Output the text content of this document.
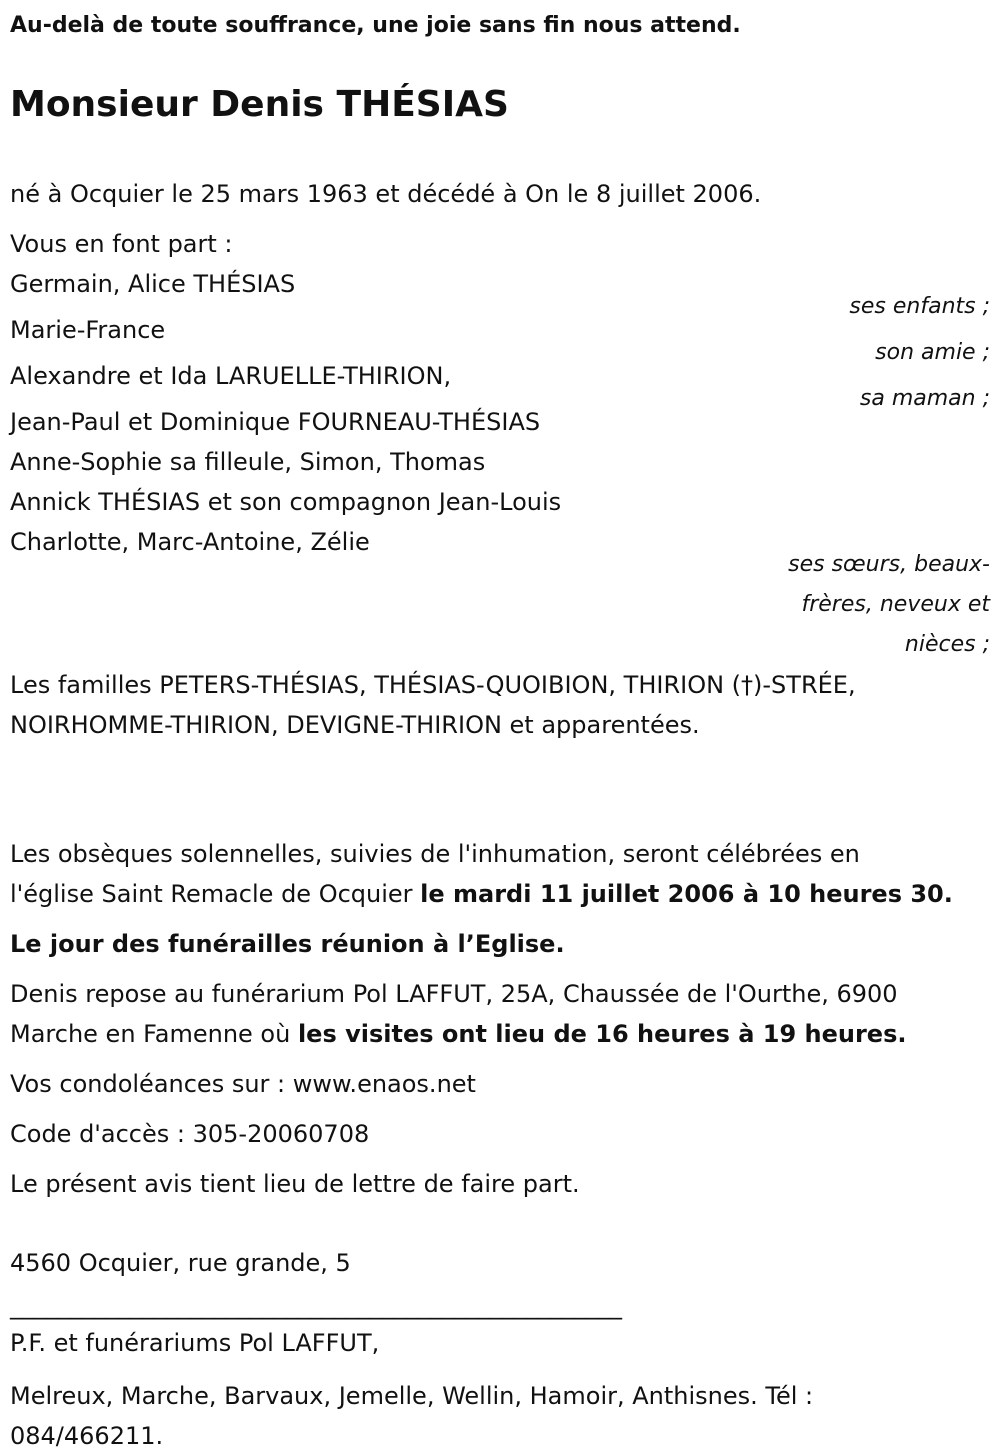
Au-delà de toute souffrance, une joie sans fin nous attend.

Monsieur Denis THÉSIAS
né à Ocquier le 25 mars 1963 et décédé à On le 8 juillet 2006.
Vous en font part :
Germain, Alice THÉSIAS
ses enfants ;
Marie-France
son amie ;
Alexandre et Ida LARUELLE-THIRION,
sa maman ;
Jean-Paul et Dominique FOURNEAU-THÉSIAS
Anne-Sophie sa filleule, Simon, Thomas
Annick THÉSIAS et son compagnon Jean-Louis
Charlotte, Marc-Antoine, Zélie
ses sœurs, beaux-frères, neveux et nièces ;
Les familles PETERS-THÉSIAS, THÉSIAS-QUOIBION, THIRION (†)-STRÉE,
NOIRHOMME-THIRION, DEVIGNE-THIRION et apparentées.
Les obsèques solennelles, suivies de l'inhumation, seront célébrées en
l'église Saint Remacle de Ocquier le mardi 11 juillet 2006 à 10 heures 30.
Le jour des funérailles réunion à l’Eglise.
Denis repose au funérarium Pol LAFFUT, 25A, Chaussée de l'Ourthe, 6900
Marche en Famenne où les visites ont lieu de 16 heures à 19 heures.
Vos condoléances sur : www.enaos.net
Code d'accès : 305-20060708
Le présent avis tient lieu de lettre de faire part.
4560 Ocquier, rue grande, 5
___________________________________________________
P.F. et funérariums Pol LAFFUT,
Melreux, Marche, Barvaux, Jemelle, Wellin, Hamoir, Anthisnes. Tél :
084/466211.
